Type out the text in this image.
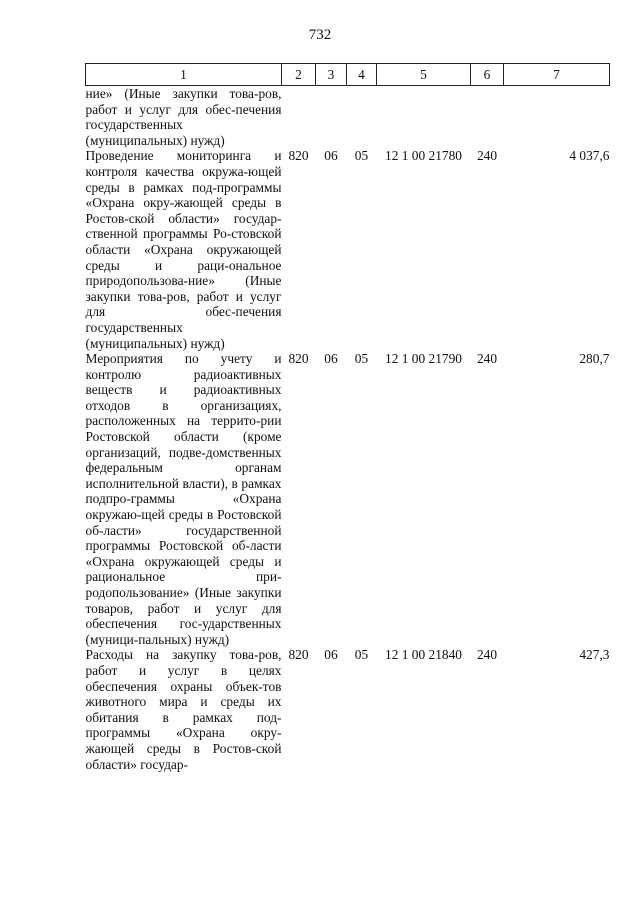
732
1	2	3	4	5	6	7
ние» (Иные закупки това-ров, работ и услуг для обес-печения государственных (муниципальных) нужд)						
Проведение мониторинга и контроля качества окружа-ющей среды в рамках под-программы «Охрана окру-жающей среды в Ростов-ской области» государ-ственной программы Ро-стовской области «Охрана окружающей среды и раци-ональное природопользова-ние» (Иные закупки това-ров, работ и услуг для обес-печения государственных (муниципальных) нужд)	820	06	05	12 1 00 21780	240	4 037,6
Мероприятия по учету и контролю радиоактивных веществ и радиоактивных отходов в организациях, расположенных на террито-рии Ростовской области (кроме организаций, подве-домственных федеральным органам исполнительной власти), в рамках подпро-граммы «Охрана окружаю-щей среды в Ростовской об-ласти» государственной программы Ростовской об-ласти «Охрана окружающей среды и рациональное при-родопользование» (Иные закупки товаров, работ и услуг для обеспечения гос-ударственных (муници-пальных) нужд)	820	06	05	12 1 00 21790	240	280,7
Расходы на закупку това-ров, работ и услуг в целях обеспечения охраны объек-тов животного мира и среды их обитания в рамках под-программы «Охрана окру-жающей среды в Ростов-ской области» государ-	820	06	05	12 1 00 21840	240	427,3
